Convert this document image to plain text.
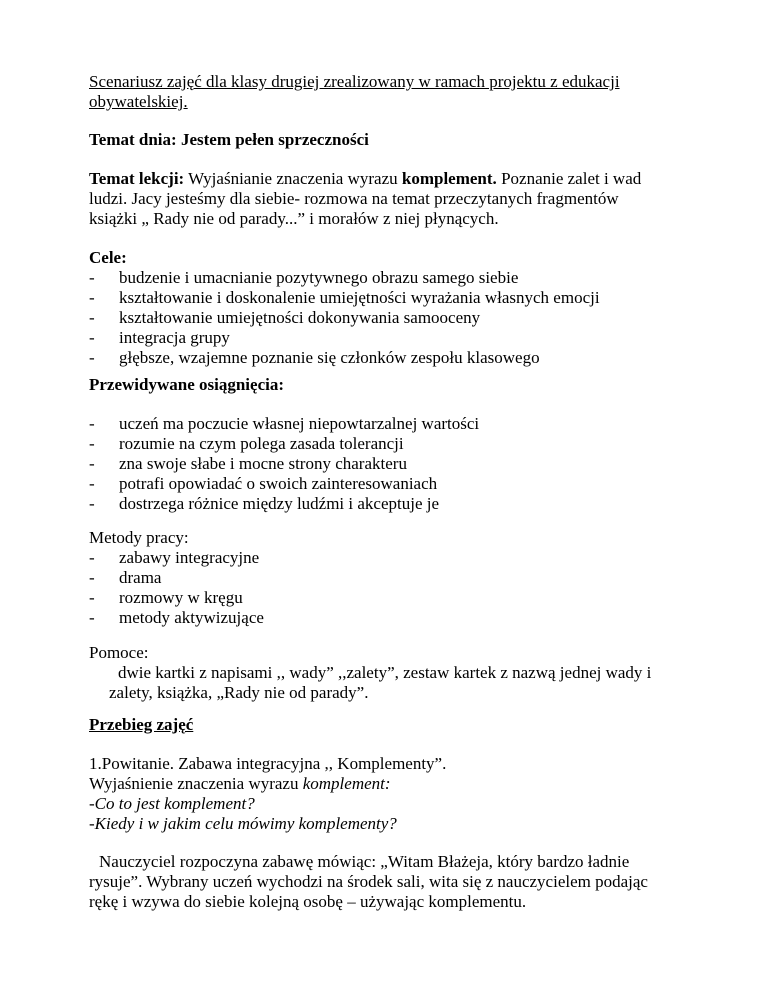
Scenariusz zajęć dla klasy drugiej zrealizowany w ramach projektu z edukacji
obywatelskiej.
Temat dnia: Jestem pełen sprzeczności
Temat lekcji: Wyjaśnianie znaczenia wyrazu komplement. Poznanie zalet i wad
ludzi. Jacy jesteśmy dla siebie- rozmowa na temat przeczytanych fragmentów
książki „ Rady nie od parady...” i morałów z niej płynących.
Cele:
- budzenie i umacnianie pozytywnego obrazu samego siebie
- kształtowanie i doskonalenie umiejętności wyrażania własnych emocji
- kształtowanie umiejętności dokonywania samooceny
- integracja grupy
- głębsze, wzajemne poznanie się członków zespołu klasowego
Przewidywane osiągnięcia:
- uczeń ma poczucie własnej niepowtarzalnej wartości
- rozumie na czym polega zasada tolerancji
- zna swoje słabe i mocne strony charakteru
- potrafi opowiadać o swoich zainteresowaniach
- dostrzega różnice między ludźmi i akceptuje je
Metody pracy:
- zabawy integracyjne
- drama
- rozmowy w kręgu
- metody aktywizujące
Pomoce:
dwie kartki z napisami ,, wady” ,,zalety”, zestaw kartek z nazwą jednej wady i
zalety, książka, „Rady nie od parady”.
Przebieg zajęć
1.Powitanie. Zabawa integracyjna ,, Komplementy”.
Wyjaśnienie znaczenia wyrazu komplement:
-Co to jest komplement?
-Kiedy i w jakim celu mówimy komplementy?
Nauczyciel rozpoczyna zabawę mówiąc: „Witam Błażeja, który bardzo ładnie
rysuje”. Wybrany uczeń wychodzi na środek sali, wita się z nauczycielem podając
rękę i wzywa do siebie kolejną osobę – używając komplementu.
